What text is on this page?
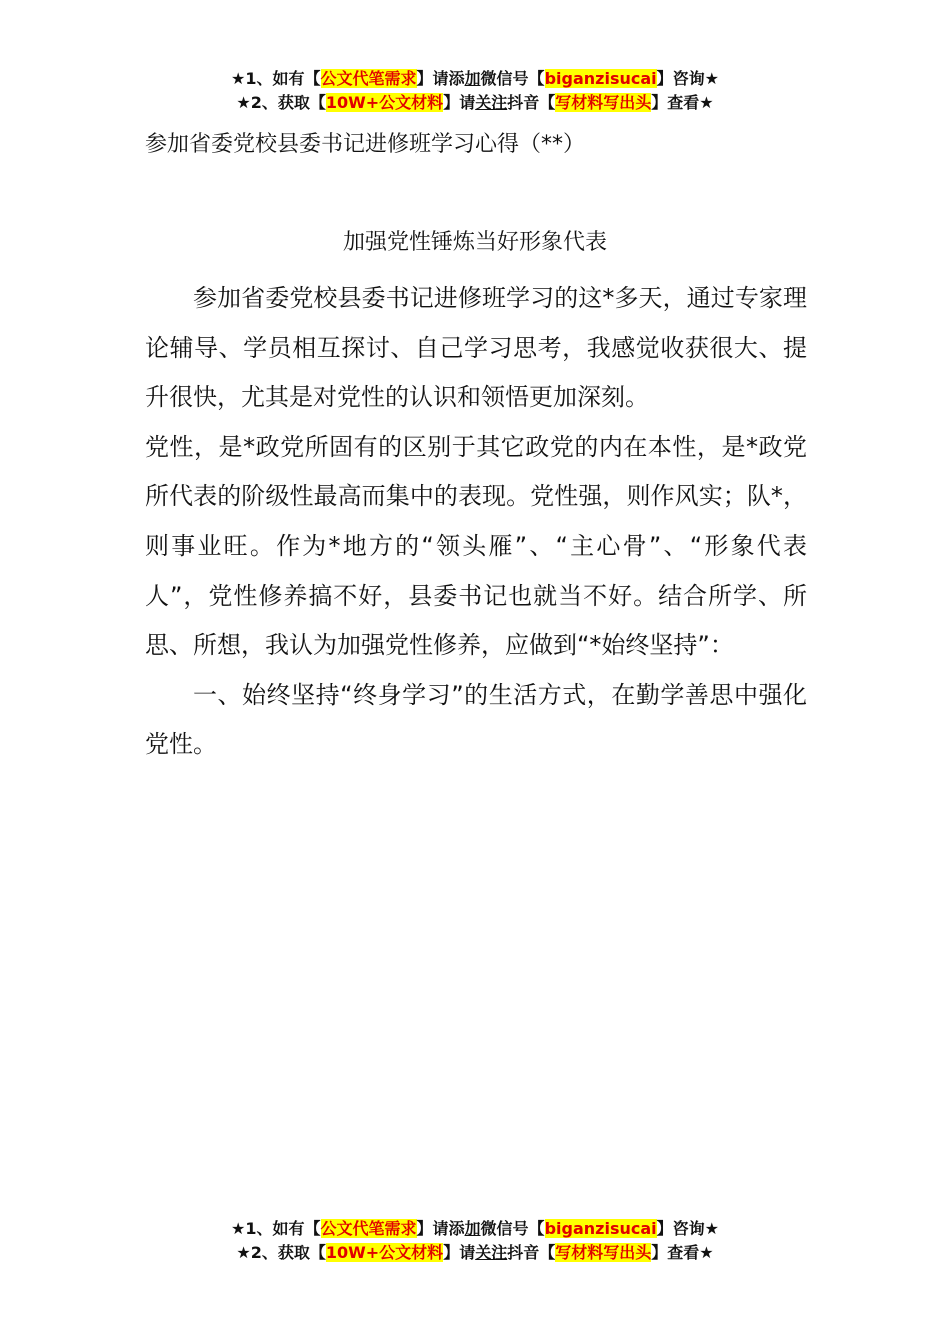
★1、如有【公文代笔需求】请添加微信号【biganzisucai】咨询★
★2、获取【10W+公文材料】请关注抖音【写材料写出头】查看★
参加省委党校县委书记进修班学习心得（**）
加强党性锤炼当好形象代表

参加省委党校县委书记进修班学习的这*多天，通过专家理论辅导、学员相互探讨、自己学习思考，我感觉收获很大、提升很快，尤其是对党性的认识和领悟更加深刻。

党性，是*政党所固有的区别于其它政党的内在本性，是*政党所代表的阶级性最高而集中的表现。党性强，则作风实；队*，则事业旺。作为*地方的“领头雁”、“主心骨”、“形象代表人”，党性修养搞不好，县委书记也就当不好。结合所学、所思、所想，我认为加强党性修养，应做到“*始终坚持”：

一、始终坚持“终身学习”的生活方式，在勤学善思中强化党性。

★1、如有【公文代笔需求】请添加微信号【biganzisucai】咨询★
★2、获取【10W+公文材料】请关注抖音【写材料写出头】查看★
